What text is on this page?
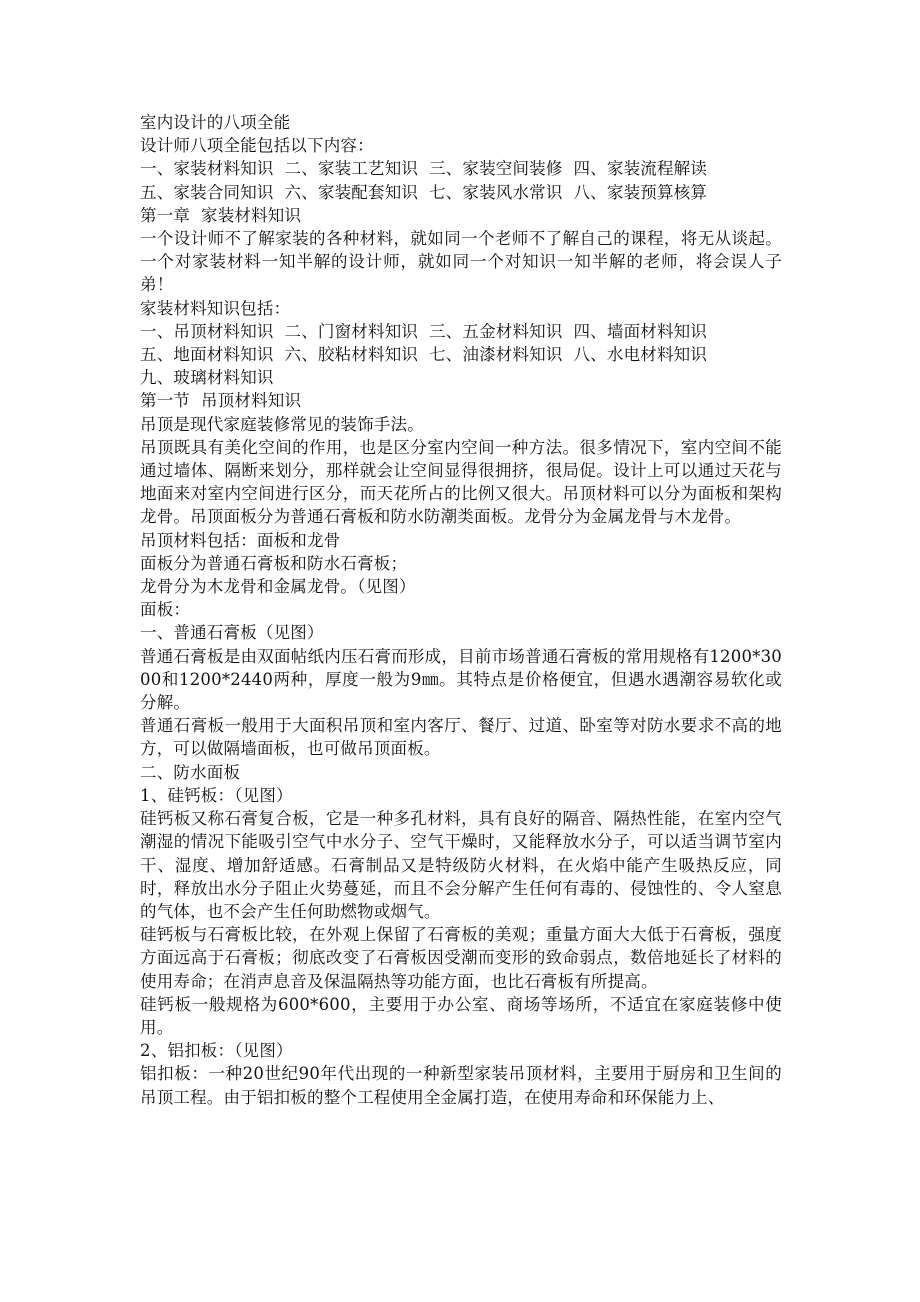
室内设计的八项全能

设计师八项全能包括以下内容：

一、家装材料知识  二、家装工艺知识  三、家装空间装修  四、家装流程解读

五、家装合同知识  六、家装配套知识  七、家装风水常识  八、家装预算核算

第一章  家装材料知识

一个设计师不了解家装的各种材料，就如同一个老师不了解自己的课程，将无从谈起。一个对家装材料一知半解的设计师，就如同一个对知识一知半解的老师，将会误人子弟！

家装材料知识包括：

一、吊顶材料知识  二、门窗材料知识  三、五金材料知识  四、墙面材料知识

五、地面材料知识  六、胶粘材料知识  七、油漆材料知识  八、水电材料知识

九、玻璃材料知识

第一节  吊顶材料知识

吊顶是现代家庭装修常见的装饰手法。

吊顶既具有美化空间的作用，也是区分室内空间一种方法。很多情况下，室内空间不能通过墙体、隔断来划分，那样就会让空间显得很拥挤，很局促。设计上可以通过天花与地面来对室内空间进行区分，而天花所占的比例又很大。吊顶材料可以分为面板和架构龙骨。吊顶面板分为普通石膏板和防水防潮类面板。龙骨分为金属龙骨与木龙骨。

吊顶材料包括：面板和龙骨

面板分为普通石膏板和防水石膏板；

龙骨分为木龙骨和金属龙骨。（见图）

面板：

一、普通石膏板（见图）

普通石膏板是由双面帖纸内压石膏而形成，目前市场普通石膏板的常用规格有1200*3000和1200*2440两种，厚度一般为9㎜。其特点是价格便宜，但遇水遇潮容易软化或分解。

普通石膏板一般用于大面积吊顶和室内客厅、餐厅、过道、卧室等对防水要求不高的地方，可以做隔墙面板，也可做吊顶面板。

二、防水面板

1、硅钙板：（见图）

硅钙板又称石膏复合板，它是一种多孔材料，具有良好的隔音、隔热性能，在室内空气潮湿的情况下能吸引空气中水分子、空气干燥时，又能释放水分子，可以适当调节室内干、湿度、增加舒适感。石膏制品又是特级防火材料，在火焰中能产生吸热反应，同时，释放出水分子阻止火势蔓延，而且不会分解产生任何有毒的、侵蚀性的、令人窒息的气体，也不会产生任何助燃物或烟气。

硅钙板与石膏板比较，在外观上保留了石膏板的美观；重量方面大大低于石膏板，强度方面远高于石膏板；彻底改变了石膏板因受潮而变形的致命弱点，数倍地延长了材料的使用寿命；在消声息音及保温隔热等功能方面，也比石膏板有所提高。

硅钙板一般规格为600*600，主要用于办公室、商场等场所，不适宜在家庭装修中使用。

2、铝扣板：（见图）

铝扣板：一种20世纪90年代出现的一种新型家装吊顶材料，主要用于厨房和卫生间的吊顶工程。由于铝扣板的整个工程使用全金属打造，在使用寿命和环保能力上、
